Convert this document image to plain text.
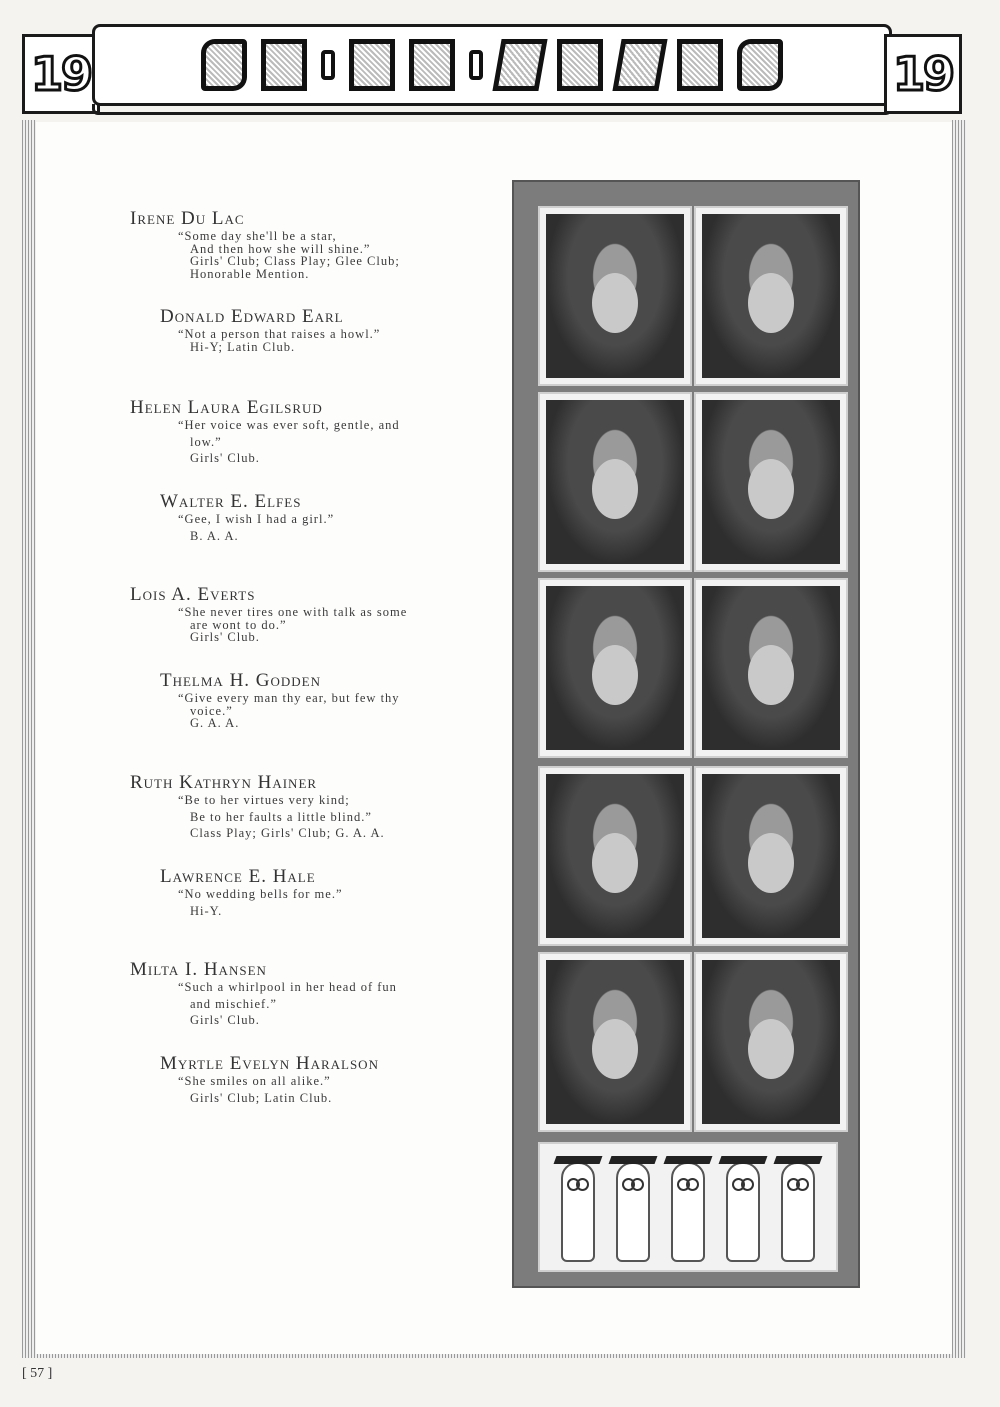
19	19
Irene Du Lac
“Some day she'll be a star,
And then how she will shine.”
Girls' Club; Class Play; Glee Club;
Honorable Mention.
Donald Edward Earl
“Not a person that raises a howl.”
Hi-Y; Latin Club.
Helen Laura Egilsrud
“Her voice was ever soft, gentle, and
low.”
Girls' Club.
Walter E. Elfes
“Gee, I wish I had a girl.”
B. A. A.
Lois A. Everts
“She never tires one with talk as some
are wont to do.”
Girls' Club.
Thelma H. Godden
“Give every man thy ear, but few thy
voice.”
G. A. A.
Ruth Kathryn Hainer
“Be to her virtues very kind;
Be to her faults a little blind.”
Class Play; Girls' Club; G. A. A.
Lawrence E. Hale
“No wedding bells for me.”
Hi-Y.
Milta I. Hansen
“Such a whirlpool in her head of fun
and mischief.”
Girls' Club.
Myrtle Evelyn Haralson
“She smiles on all alike.”
Girls' Club; Latin Club.
[ 57 ]
